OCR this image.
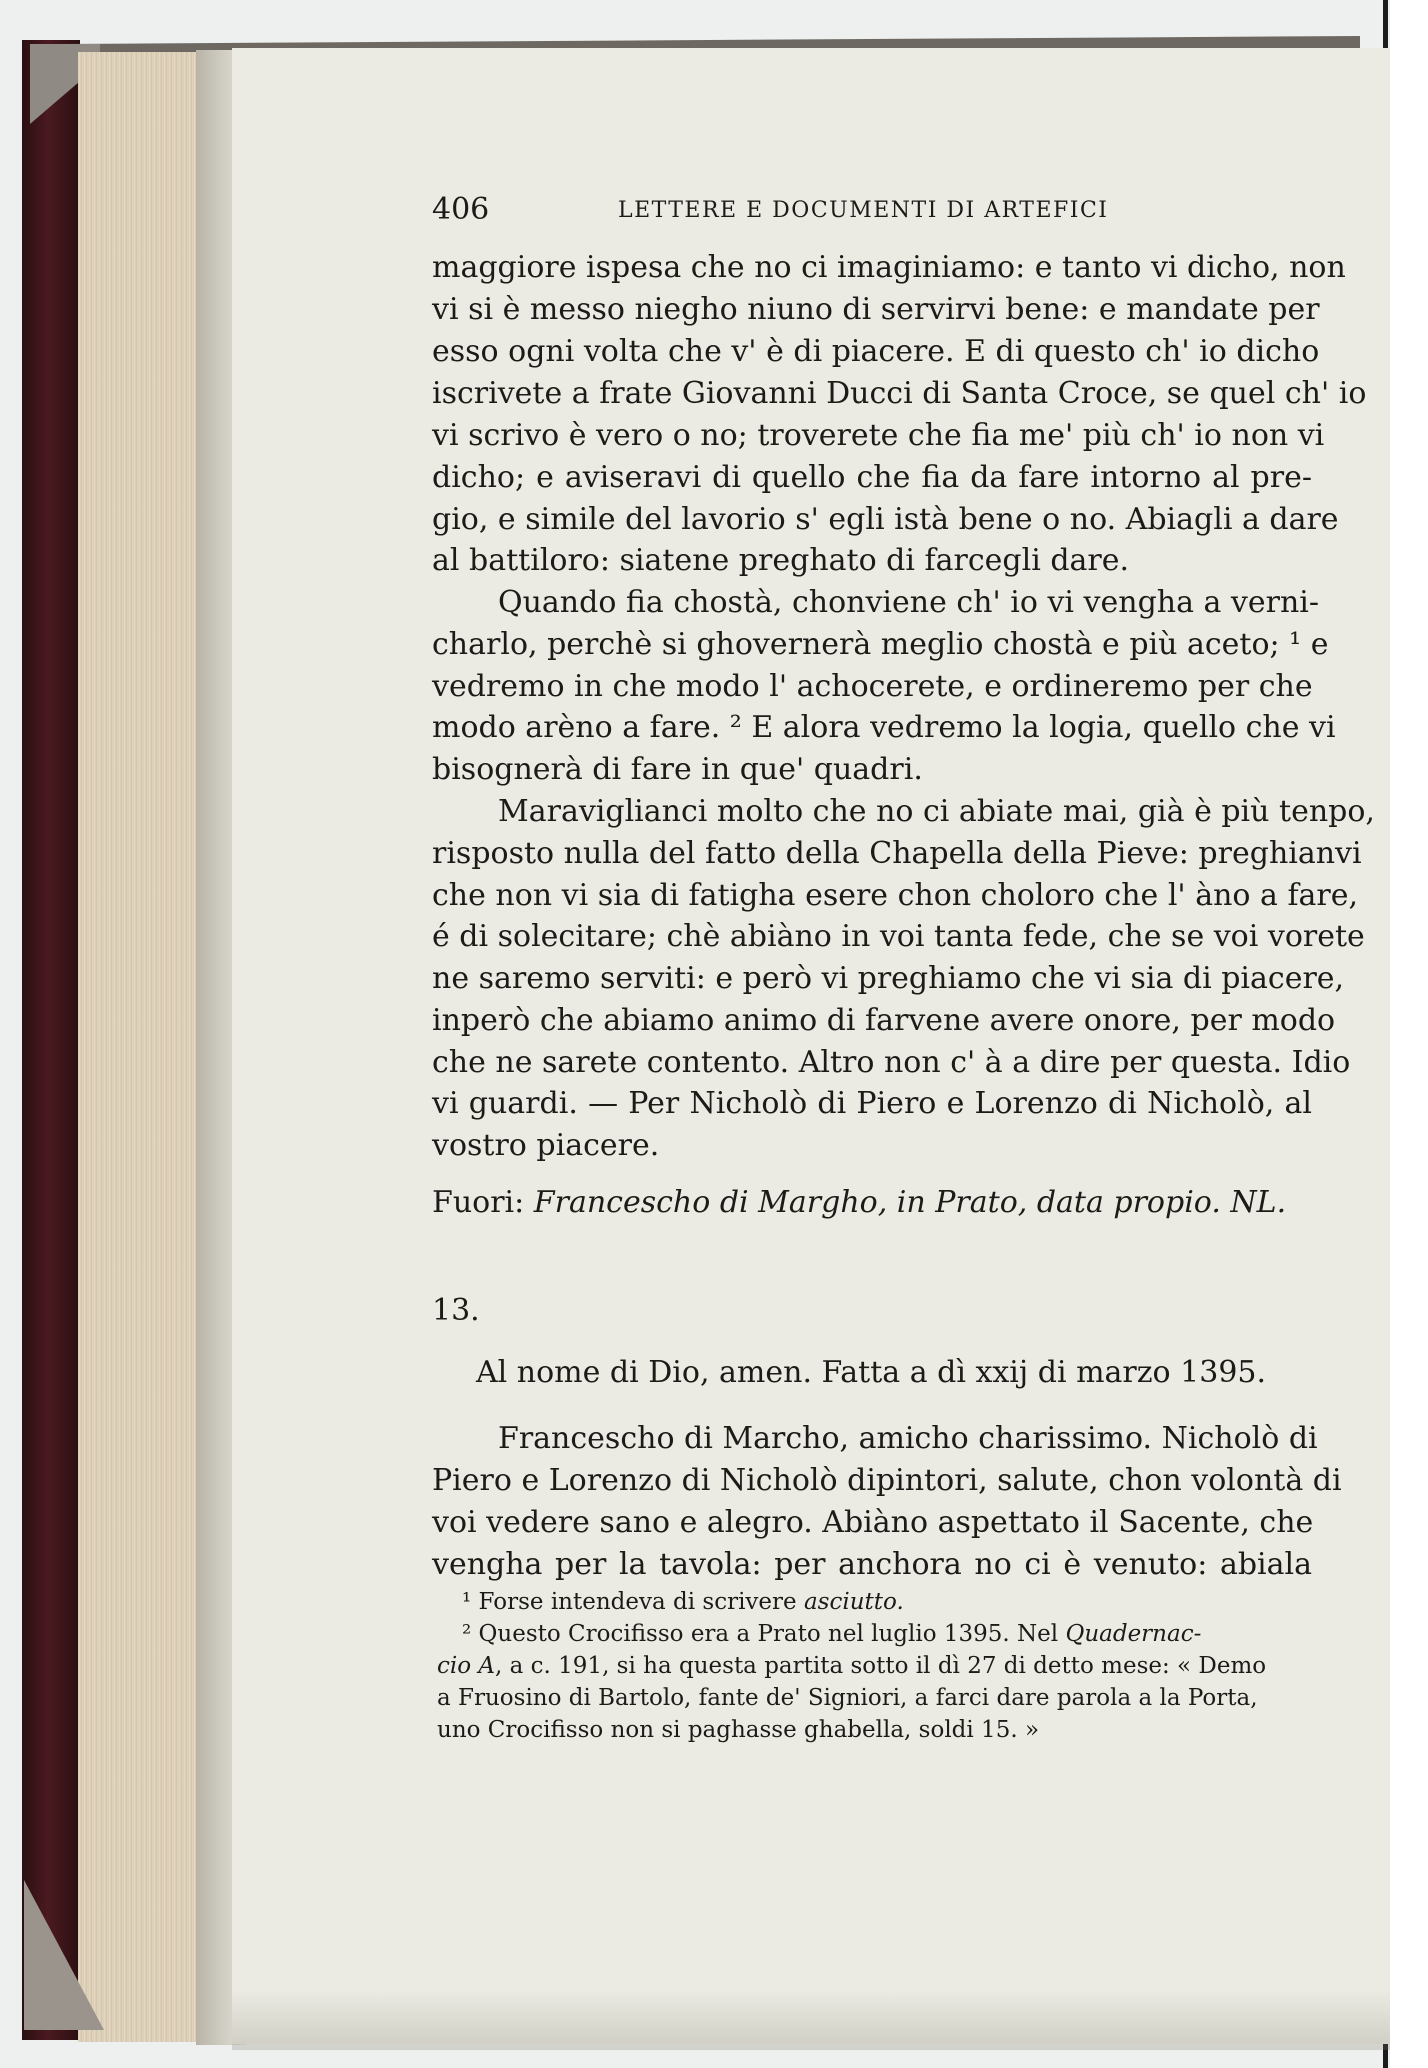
406	LETTERE E DOCUMENTI DI ARTEFICI
maggiore ispesa che no ci imaginiamo: e tanto vi dicho, non
vi si è messo niegho niuno di servirvi bene: e mandate per
esso ogni volta che v' è di piacere. E di questo ch' io dicho
iscrivete a frate Giovanni Ducci di Santa Croce, se quel ch' io
vi scrivo è vero o no; troverete che fia me' più ch' io non vi
dicho; e aviseravi di quello che fia da fare intorno al pre-
gio, e simile del lavorio s' egli istà bene o no. Abiagli a dare
al battiloro: siatene preghato di farcegli dare.
Quando fia chostà, chonviene ch' io vi vengha a verni-
charlo, perchè si ghovernerà meglio chostà e più aceto; ¹ e
vedremo in che modo l' achocerete, e ordineremo per che
modo arèno a fare. ² E alora vedremo la logia, quello che vi
bisognerà di fare in que' quadri.
Maraviglianci molto che no ci abiate mai, già è più tenpo,
risposto nulla del fatto della Chapella della Pieve: preghianvi
che non vi sia di fatigha esere chon choloro che l' àno a fare,
é di solecitare; chè abiàno in voi tanta fede, che se voi vorete
ne saremo serviti: e però vi preghiamo che vi sia di piacere,
inperò che abiamo animo di farvene avere onore, per modo
che ne sarete contento. Altro non c' à a dire per questa. Idio
vi guardi. — Per Nicholò di Piero e Lorenzo di Nicholò, al
vostro piacere.
Fuori: Francescho di Margho, in Prato, data propio. NL.
13.
Al nome di Dio, amen. Fatta a dì xxij di marzo 1395.
Francescho di Marcho, amicho charissimo. Nicholò di
Piero e Lorenzo di Nicholò dipintori, salute, chon volontà di
voi vedere sano e alegro. Abiàno aspettato il Sacente, che
vengha per la tavola: per anchora no ci è venuto: abiala
¹ Forse intendeva di scrivere asciutto.
² Questo Crocifisso era a Prato nel luglio 1395. Nel Quadernac-
cio A, a c. 191, si ha questa partita sotto il dì 27 di detto mese: « Demo
a Fruosino di Bartolo, fante de' Signiori, a farci dare parola a la Porta,
uno Crocifisso non si paghasse ghabella, soldi 15. »
